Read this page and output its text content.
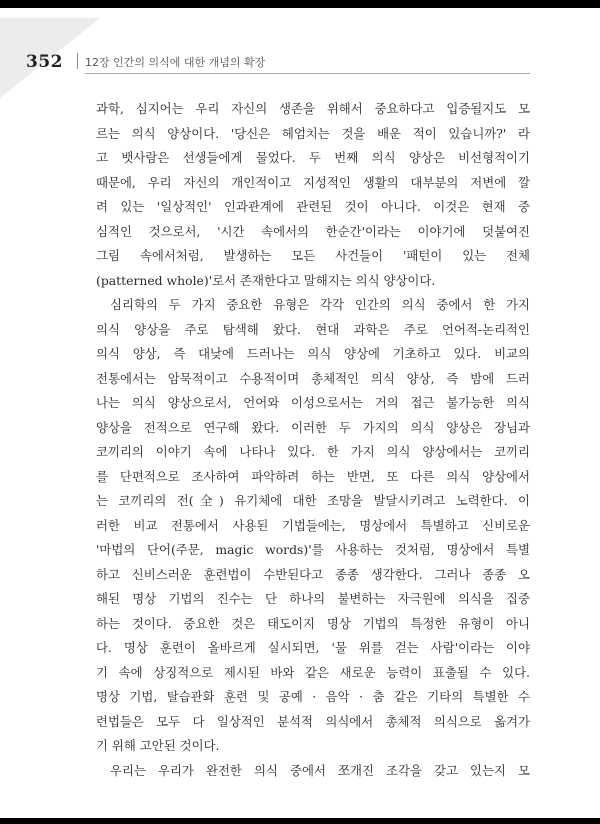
352 12장 인간의 의식에 대한 개념의 확장
과학, 심지어는 우리 자신의 생존을 위해서 중요하다고 입증될지도 모
르는 의식 양상이다. '당신은 헤엄치는 것을 배운 적이 있습니까?' 라
고 뱃사람은 선생들에게 물었다. 두 번째 의식 양상은 비선형적이기
때문에, 우리 자신의 개인적이고 지성적인 생활의 대부분의 저변에 깔
려 있는 '일상적인' 인과관계에 관련된 것이 아니다. 이것은 현재 중
심적인 것으로서, '시간 속에서의 한순간'이라는 이야기에 덧붙여진
그림 속에서처럼, 발생하는 모든 사건들이 '패턴이 있는 전체
(patterned whole)'로서 존재한다고 말해지는 의식 양상이다.
심리학의 두 가지 중요한 유형은 각각 인간의 의식 중에서 한 가지
의식 양상을 주로 탐색해 왔다. 현대 과학은 주로 언어적-논리적인
의식 양상, 즉 대낮에 드러나는 의식 양상에 기초하고 있다. 비교의
전통에서는 암묵적이고 수용적이며 총체적인 의식 양상, 즉 밤에 드러
나는 의식 양상으로서, 언어와 이성으로서는 거의 접근 불가능한 의식
양상을 전적으로 연구해 왔다. 이러한 두 가지의 의식 양상은 장님과
코끼리의 이야기 속에 나타나 있다. 한 가지 의식 양상에서는 코끼리
를 단편적으로 조사하여 파악하려 하는 반면, 또 다른 의식 양상에서
는 코끼리의 전(全) 유기체에 대한 조망을 발달시키려고 노력한다. 이
러한 비교 전통에서 사용된 기법들에는, 명상에서 특별하고 신비로운
'마법의 단어(주문, magic words)'를 사용하는 것처럼, 명상에서 특별
하고 신비스러운 훈련법이 수반된다고 종종 생각한다. 그러나 종종 오
해된 명상 기법의 진수는 단 하나의 불변하는 자극원에 의식을 집중
하는 것이다. 중요한 것은 태도이지 명상 기법의 특정한 유형이 아니
다. 명상 훈련이 올바르게 실시되면, '물 위를 걷는 사람'이라는 이야
기 속에 상징적으로 제시된 바와 같은 새로운 능력이 표출될 수 있다.
명상 기법, 탈습관화 훈련 및 공예 · 음악 · 춤 같은 기타의 특별한 수
련법들은 모두 다 일상적인 분석적 의식에서 총체적 의식으로 옮겨가
기 위해 고안된 것이다.
우리는 우리가 완전한 의식 중에서 쪼개진 조각을 갖고 있는지 모
